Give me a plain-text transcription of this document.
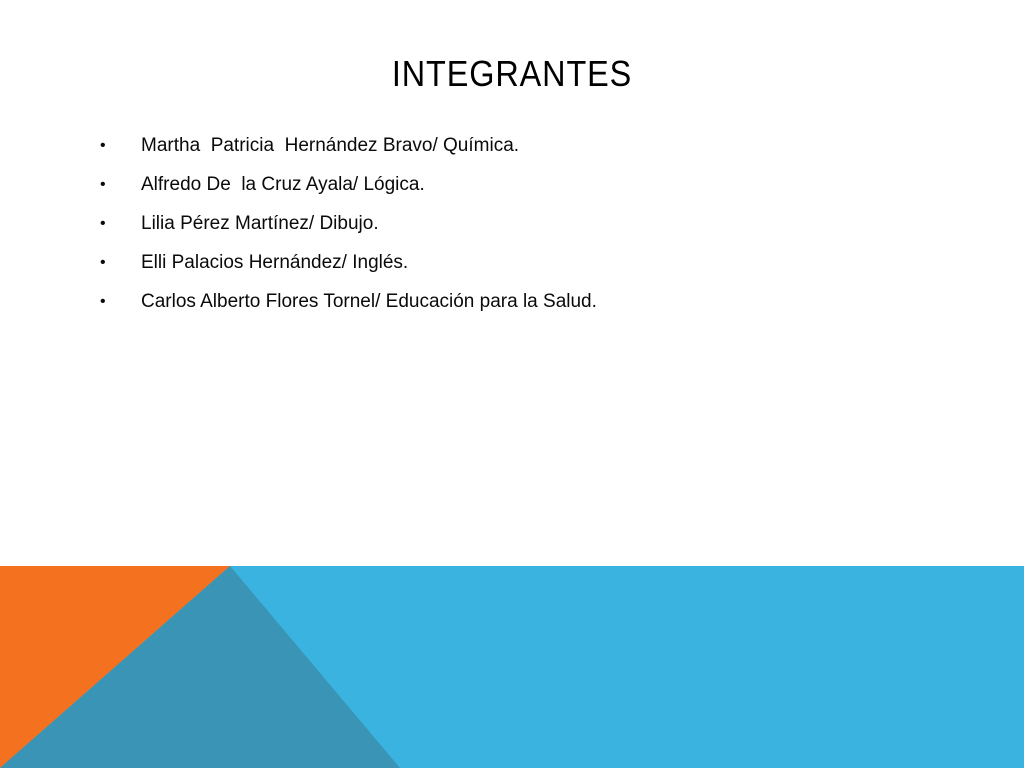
INTEGRANTES
•	Martha  Patricia  Hernández Bravo/ Química.
•	Alfredo De  la Cruz Ayala/ Lógica.
•	Lilia Pérez Martínez/ Dibujo.
•	Elli Palacios Hernández/ Inglés.
•	Carlos Alberto Flores Tornel/ Educación para la Salud.
